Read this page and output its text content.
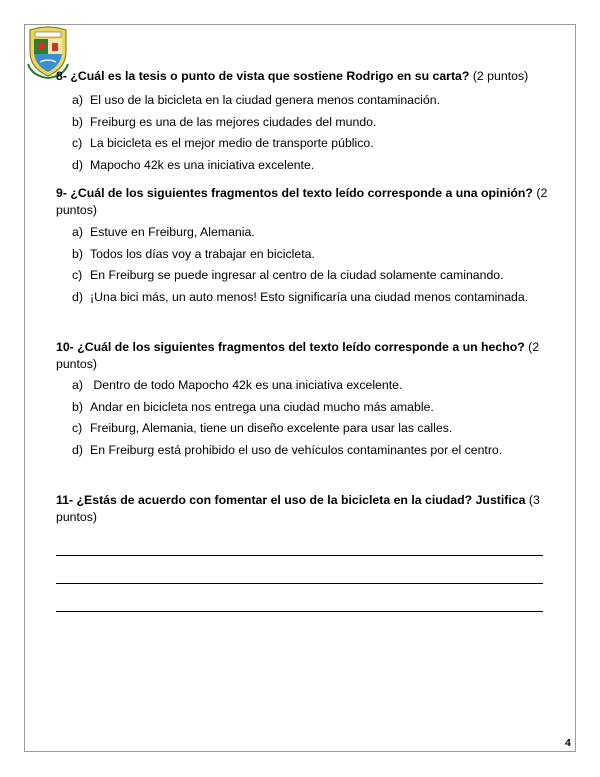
8- ¿Cuál es la tesis o punto de vista que sostiene Rodrigo en su carta? (2 puntos)
a) El uso de la bicicleta en la ciudad genera menos contaminación.
b) Freiburg es una de las mejores ciudades del mundo.
c) La bicicleta es el mejor medio de transporte público.
d) Mapocho 42k es una iniciativa excelente.
9- ¿Cuál de los siguientes fragmentos del texto leído corresponde a una opinión? (2 puntos)
a) Estuve en Freiburg, Alemania.
b) Todos los días voy a trabajar en bicicleta.
c) En Freiburg se puede ingresar al centro de la ciudad solamente caminando.
d) ¡Una bici más, un auto menos! Esto significaría una ciudad menos contaminada.
10- ¿Cuál de los siguientes fragmentos del texto leído corresponde a un hecho? (2 puntos)
a) Dentro de todo Mapocho 42k es una iniciativa excelente.
b) Andar en bicicleta nos entrega una ciudad mucho más amable.
c) Freiburg, Alemania, tiene un diseño excelente para usar las calles.
d) En Freiburg está prohibido el uso de vehículos contaminantes por el centro.
11- ¿Estás de acuerdo con fomentar el uso de la bicicleta en la ciudad? Justifica (3 puntos)
4
